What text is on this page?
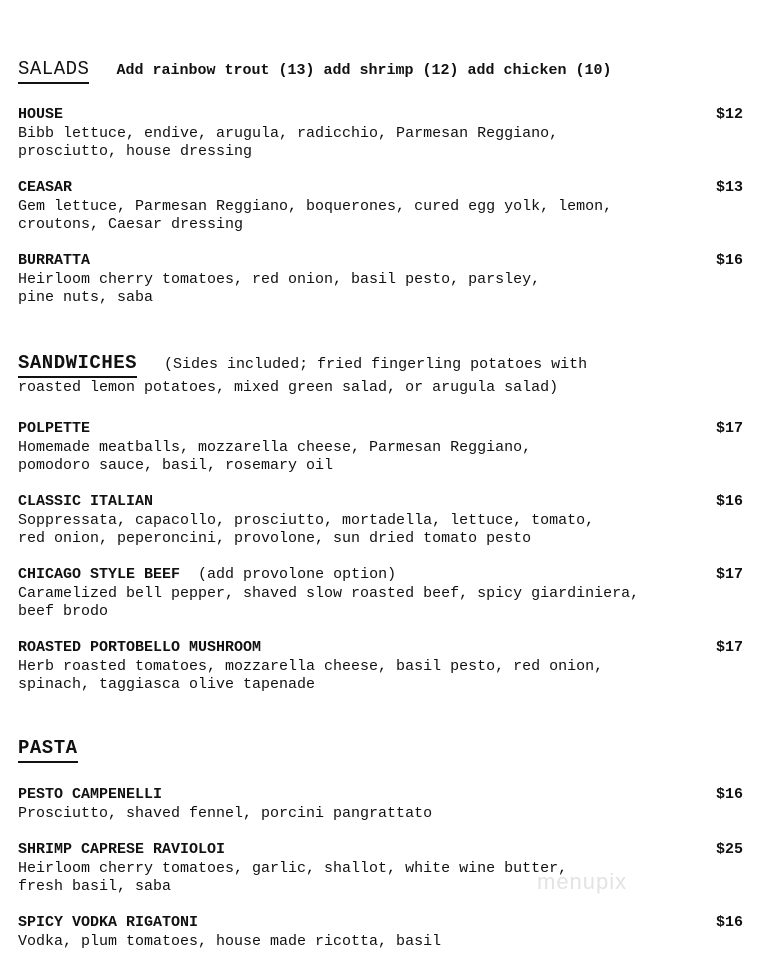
SALADS Add rainbow trout (13) add shrimp (12) add chicken (10)
HOUSE	$12
Bibb lettuce, endive, arugula, radicchio, Parmesan Reggiano,
prosciutto, house dressing
CEASAR	$13
Gem lettuce, Parmesan Reggiano, boquerones, cured egg yolk, lemon,
croutons, Caesar dressing
BURRATTA	$16
Heirloom cherry tomatoes, red onion, basil pesto, parsley,
pine nuts, saba
SANDWICHES (Sides included; fried fingerling potatoes with
roasted lemon potatoes, mixed green salad, or arugula salad)
POLPETTE	$17
Homemade meatballs, mozzarella cheese, Parmesan Reggiano,
pomodoro sauce, basil, rosemary oil
CLASSIC ITALIAN	$16
Soppressata, capacollo, prosciutto, mortadella, lettuce, tomato,
red onion, peperoncini, provolone, sun dried tomato pesto
CHICAGO STYLE BEEF (add provolone option)	$17
Caramelized bell pepper, shaved slow roasted beef, spicy giardiniera,
beef brodo
ROASTED PORTOBELLO MUSHROOM	$17
Herb roasted tomatoes, mozzarella cheese, basil pesto, red onion,
spinach, taggiasca olive tapenade
PASTA
PESTO CAMPENELLI	$16
Prosciutto, shaved fennel, porcini pangrattato
SHRIMP CAPRESE RAVIOLOI	$25
Heirloom cherry tomatoes, garlic, shallot, white wine butter,
fresh basil, saba
SPICY VODKA RIGATONI	$16
Vodka, plum tomatoes, house made ricotta, basil
menupix
